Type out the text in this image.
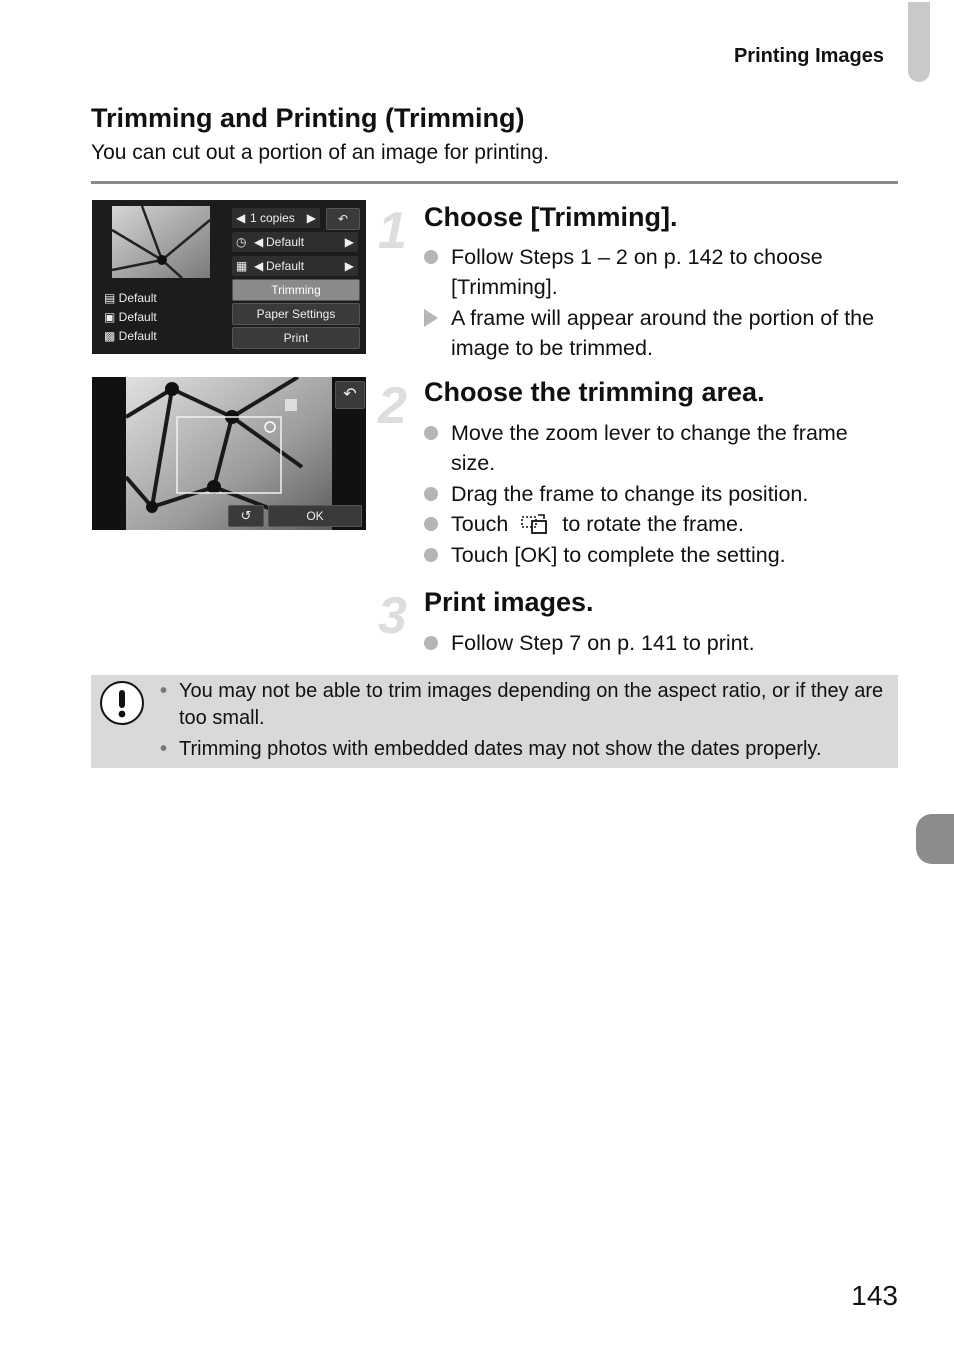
Printing Images
Trimming and Printing (Trimming)
You can cut out a portion of an image for printing.
◀ 1 copies ▶	↶
◷ ◀ Default	▶
▦ ◀ Default	▶
Trimming
Paper Settings
Print
▤ Default
▣ Default
▩ Default
↶
↺	OK
1 Choose [Trimming].
Follow Steps 1 – 2 on p. 142 to choose [Trimming].
A frame will appear around the portion of the image to be trimmed.
2 Choose the trimming area.
Move the zoom lever to change the frame size.
Drag the frame to change its position.
Touch	to rotate the frame.
Touch [OK] to complete the setting.
3 Print images.
Follow Step 7 on p. 141 to print.
• You may not be able to trim images depending on the aspect ratio, or if they are too small.
• Trimming photos with embedded dates may not show the dates properly.
143
